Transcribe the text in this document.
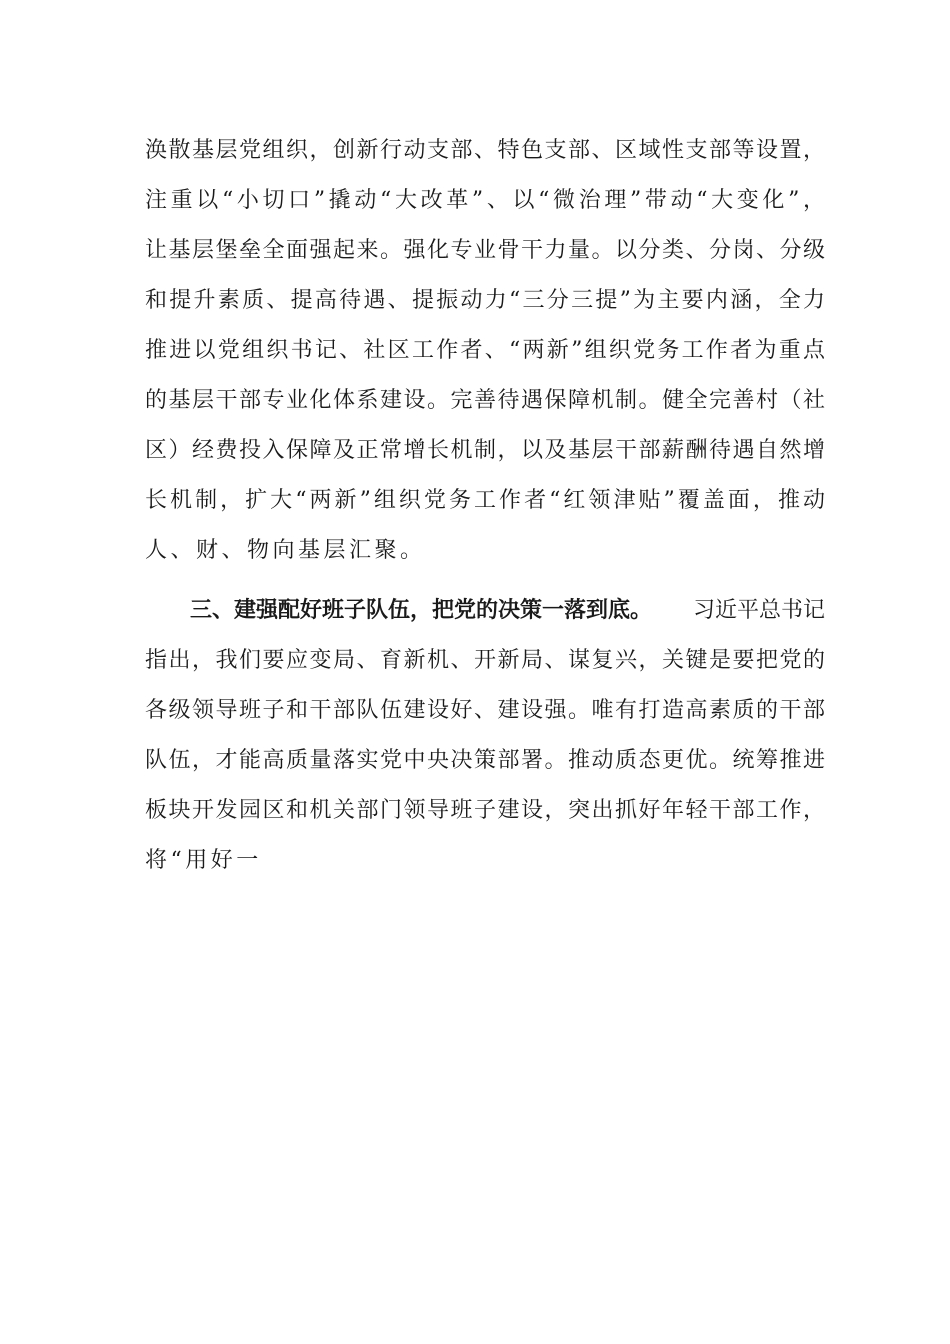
涣散基层党组织，创新行动支部、特色支部、区域性支部等设置，
注重以“小切口”撬动“大改革”、以“微治理”带动“大变化”，
让基层堡垒全面强起来。强化专业骨干力量。以分类、分岗、分级
和提升素质、提高待遇、提振动力“三分三提”为主要内涵，全力
推进以党组织书记、社区工作者、“两新”组织党务工作者为重点
的基层干部专业化体系建设。完善待遇保障机制。健全完善村（社
区）经费投入保障及正常增长机制，以及基层干部薪酬待遇自然增
长机制，扩大“两新”组织党务工作者“红领津贴”覆盖面，推动
人、财、物向基层汇聚。
三、建强配好班子队伍，把党的决策一落到底。 习近平总书记
指出，我们要应变局、育新机、开新局、谋复兴，关键是要把党的
各级领导班子和干部队伍建设好、建设强。唯有打造高素质的干部
队伍，才能高质量落实党中央决策部署。推动质态更优。统筹推进
板块开发园区和机关部门领导班子建设，突出抓好年轻干部工作，
将“用好一
